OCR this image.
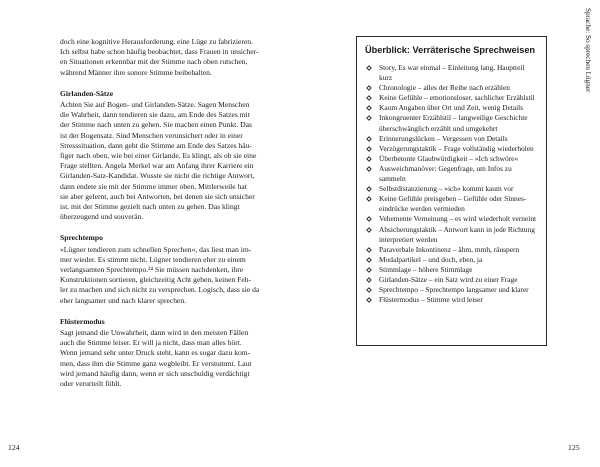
Sprache: So sprechen Lügner
doch eine kognitive Herausforderung, eine Lüge zu fabrizieren.
Ich selbst habe schon häufig beobachtet, dass Frauen in unsicher-
en Situationen erkennbar mit der Stimme nach oben rutschen,
während Männer ihre sonore Stimme beibehalten.
Girlanden-Sätze
Achten Sie auf Bogen- und Girlanden-Sätze. Sagen Menschen
die Wahrheit, dann tendieren sie dazu, am Ende des Satzes mit
der Stimme nach unten zu gehen. Sie machen einen Punkt. Das
ist der Bogensatz. Sind Menschen verunsichert oder in einer
Stresssituation, dann geht die Stimme am Ende des Satzes häu-
figer nach oben, wie bei einer Girlande. Es klingt, als ob sie eine
Frage stellten. Angela Merkel war am Anfang ihrer Karriere ein
Girlanden-Satz-Kandidat. Wusste sie nicht die richtige Antwort,
dann endete sie mit der Stimme immer oben. Mittlerweile hat
sie aber gelernt, auch bei Antworten, bei denen sie sich unsicher
ist, mit der Stimme gezielt nach unten zu gehen. Das klingt
überzeugend und souverän.
Sprechtempo
»Lügner tendieren zum schnellen Sprechen«, das liest man im-
mer wieder. Es stimmt nicht. Lügner tendieren eher zu einem
verlangsamten Sprechtempo.²⁴ Sie müssen nachdenken, ihre
Konstruktionen sortieren, gleichzeitig Acht geben, keinen Feh-
ler zu machen und sich nicht zu versprechen. Logisch, dass sie da
eher langsamer und nach klarer sprechen.
Flüstermodus
Sagt jemand die Unwahrheit, dann wird in den meisten Fällen
auch die Stimme leiser. Er will ja nicht, dass man alles hört.
Wenn jemand sehr unter Druck steht, kann es sogar dazu kom-
men, dass ihm die Stimme ganz wegbleibt. Er verstummt. Laut
wird jemand häufig dann, wenn er sich unschuldig verdächtigt
oder verurteilt fühlt.
Überblick: Verräterische Sprechweisen
Story, Es war einmal – Einleitung lang, Hauptteil
kurz
Chronologie – alles der Reihe nach erzählen
Keine Gefühle – emotionsloser, sachlicher Erzählstil
Kaum Angaben über Ort und Zeit, wenig Details
Inkongruenter Erzählstil – langweilige Geschichte
überschwänglich erzählt und umgekehrt
Erinnerungslücken – Vergessen von Details
Verzögerungstaktik – Frage vollständig wiederholen
Überbetonte Glaubwürdigkeit – »Ich schwöre«
Ausweichmanöver: Gegenfrage, um Infos zu
sammeln
Selbstdistanzierung – »ich« kommt kaum vor
Keine Gefühle preisgeben – Gefühle oder Sinnes-
eindrücke werden vermieden
Vehemente Verneinung – es wird wiederholt verneint
Absicherungstaktik – Antwort kann in jede Richtung
interpretiert werden
Paraverbale Inkontinenz – ähm, mmh, räuspern
Modalpartikel – und doch, eben, ja
Stimmlage – höhere Stimmlage
Girlanden-Sätze – ein Satz wird zu einer Frage
Sprechtempo – Sprechtempo langsamer und klarer
Flüstermodus – Stimme wird leiser
124	125
